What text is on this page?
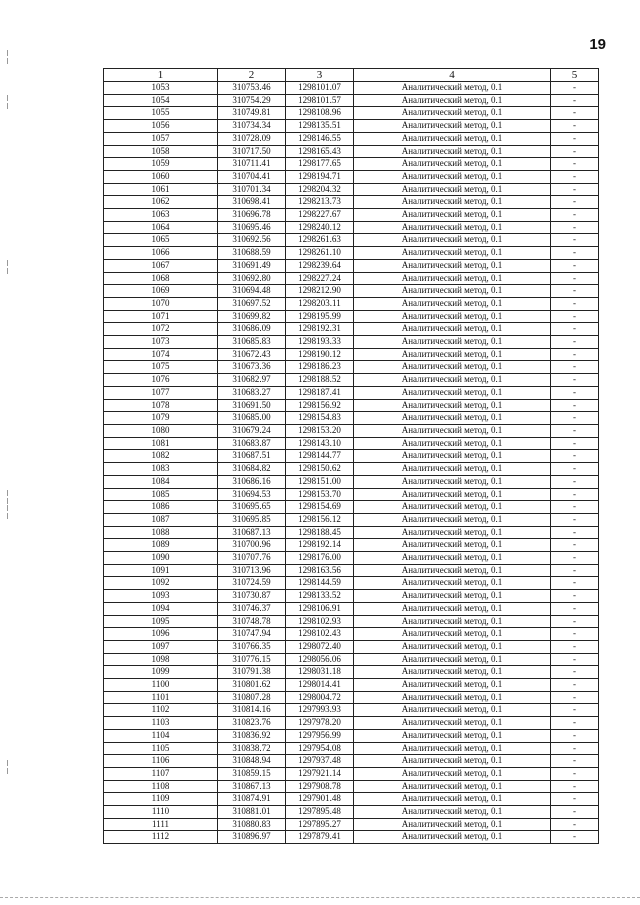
19
1	2	3	4	5
1053	310753.46	1298101.07	Аналитический метод, 0.1	-
1054	310754.29	1298101.57	Аналитический метод, 0.1	-
1055	310749.81	1298108.96	Аналитический метод, 0.1	-
1056	310734.34	1298135.51	Аналитический метод, 0.1	-
1057	310728.09	1298146.55	Аналитический метод, 0.1	-
1058	310717.50	1298165.43	Аналитический метод, 0.1	-
1059	310711.41	1298177.65	Аналитический метод, 0.1	-
1060	310704.41	1298194.71	Аналитический метод, 0.1	-
1061	310701.34	1298204.32	Аналитический метод, 0.1	-
1062	310698.41	1298213.73	Аналитический метод, 0.1	-
1063	310696.78	1298227.67	Аналитический метод, 0.1	-
1064	310695.46	1298240.12	Аналитический метод, 0.1	-
1065	310692.56	1298261.63	Аналитический метод, 0.1	-
1066	310688.59	1298261.10	Аналитический метод, 0.1	-
1067	310691.49	1298239.64	Аналитический метод, 0.1	-
1068	310692.80	1298227.24	Аналитический метод, 0.1	-
1069	310694.48	1298212.90	Аналитический метод, 0.1	-
1070	310697.52	1298203.11	Аналитический метод, 0.1	-
1071	310699.82	1298195.99	Аналитический метод, 0.1	-
1072	310686.09	1298192.31	Аналитический метод, 0.1	-
1073	310685.83	1298193.33	Аналитический метод, 0.1	-
1074	310672.43	1298190.12	Аналитический метод, 0.1	-
1075	310673.36	1298186.23	Аналитический метод, 0.1	-
1076	310682.97	1298188.52	Аналитический метод, 0.1	-
1077	310683.27	1298187.41	Аналитический метод, 0.1	-
1078	310691.50	1298156.92	Аналитический метод, 0.1	-
1079	310685.00	1298154.83	Аналитический метод, 0.1	-
1080	310679.24	1298153.20	Аналитический метод, 0.1	-
1081	310683.87	1298143.10	Аналитический метод, 0.1	-
1082	310687.51	1298144.77	Аналитический метод, 0.1	-
1083	310684.82	1298150.62	Аналитический метод, 0.1	-
1084	310686.16	1298151.00	Аналитический метод, 0.1	-
1085	310694.53	1298153.70	Аналитический метод, 0.1	-
1086	310695.65	1298154.69	Аналитический метод, 0.1	-
1087	310695.85	1298156.12	Аналитический метод, 0.1	-
1088	310687.13	1298188.45	Аналитический метод, 0.1	-
1089	310700.96	1298192.14	Аналитический метод, 0.1	-
1090	310707.76	1298176.00	Аналитический метод, 0.1	-
1091	310713.96	1298163.56	Аналитический метод, 0.1	-
1092	310724.59	1298144.59	Аналитический метод, 0.1	-
1093	310730.87	1298133.52	Аналитический метод, 0.1	-
1094	310746.37	1298106.91	Аналитический метод, 0.1	-
1095	310748.78	1298102.93	Аналитический метод, 0.1	-
1096	310747.94	1298102.43	Аналитический метод, 0.1	-
1097	310766.35	1298072.40	Аналитический метод, 0.1	-
1098	310776.15	1298056.06	Аналитический метод, 0.1	-
1099	310791.38	1298031.18	Аналитический метод, 0.1	-
1100	310801.62	1298014.41	Аналитический метод, 0.1	-
1101	310807.28	1298004.72	Аналитический метод, 0.1	-
1102	310814.16	1297993.93	Аналитический метод, 0.1	-
1103	310823.76	1297978.20	Аналитический метод, 0.1	-
1104	310836.92	1297956.99	Аналитический метод, 0.1	-
1105	310838.72	1297954.08	Аналитический метод, 0.1	-
1106	310848.94	1297937.48	Аналитический метод, 0.1	-
1107	310859.15	1297921.14	Аналитический метод, 0.1	-
1108	310867.13	1297908.78	Аналитический метод, 0.1	-
1109	310874.91	1297901.48	Аналитический метод, 0.1	-
1110	310881.01	1297895.48	Аналитический метод, 0.1	-
1111	310880.83	1297895.27	Аналитический метод, 0.1	-
1112	310896.97	1297879.41	Аналитический метод, 0.1	-
